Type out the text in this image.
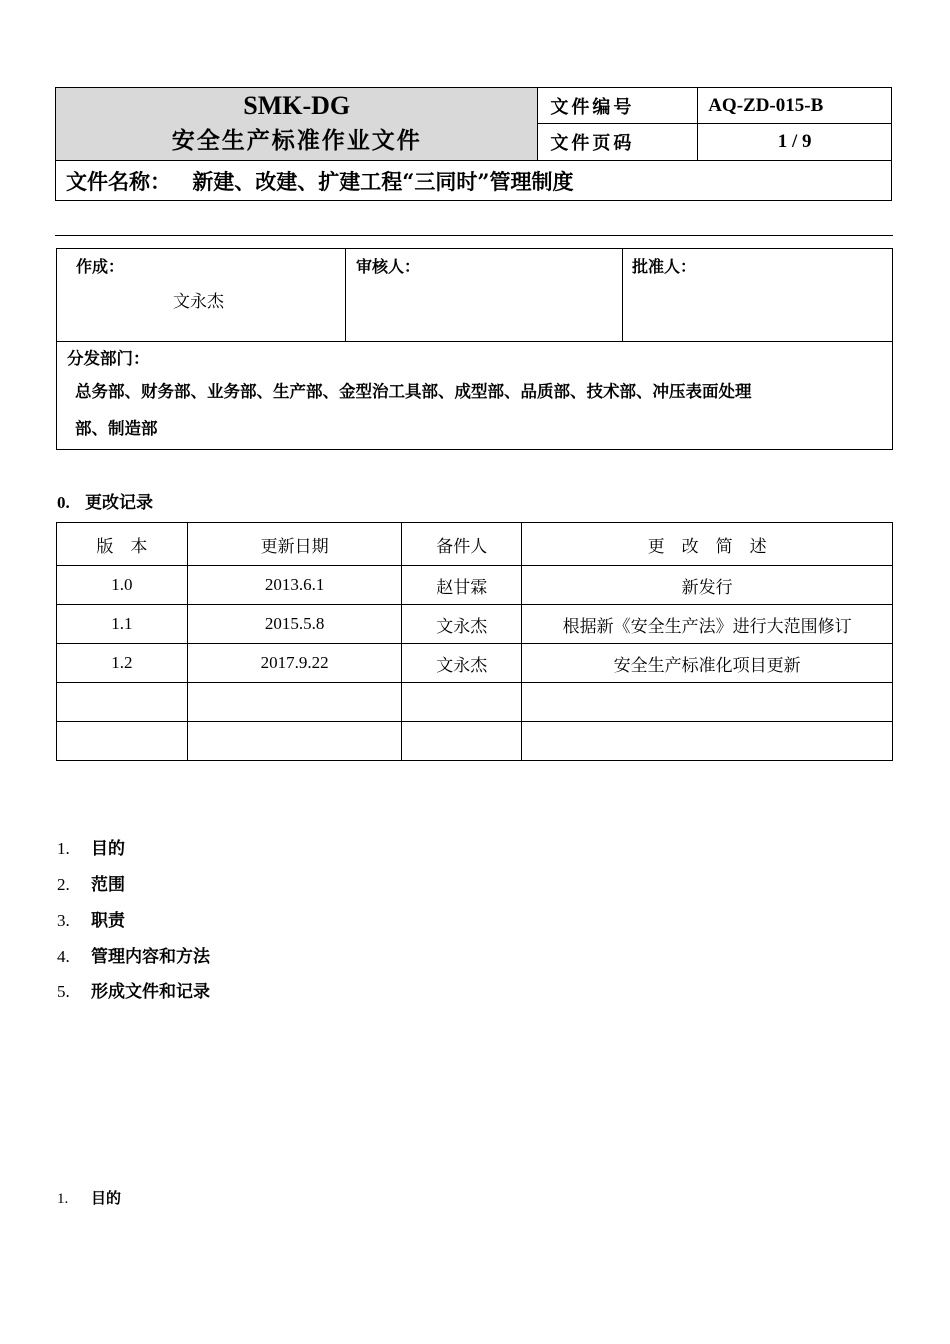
SMK-DG
安全生产标准作业文件	文件编号	AQ-ZD-015-B
	文件页码	1 / 9
文件名称： 新建、改建、扩建工程“三同时”管理制度		
作成：
文永杰
审核人：	批准人：
分发部门：
总务部、财务部、业务部、生产部、金型治工具部、成型部、品质部、技术部、冲压表面处理
部、制造部
0. 更改记录
版　本	更新日期	备件人	更　改　简　述
1.0	2013.6.1	赵甘霖	新发行
1.1	2015.5.8	文永杰	根据新《安全生产法》进行大范围修订
1.2	2017.9.22	文永杰	安全生产标准化项目更新

1. 目的
2. 范围
3. 职责
4. 管理内容和方法
5. 形成文件和记录
1. 目的
